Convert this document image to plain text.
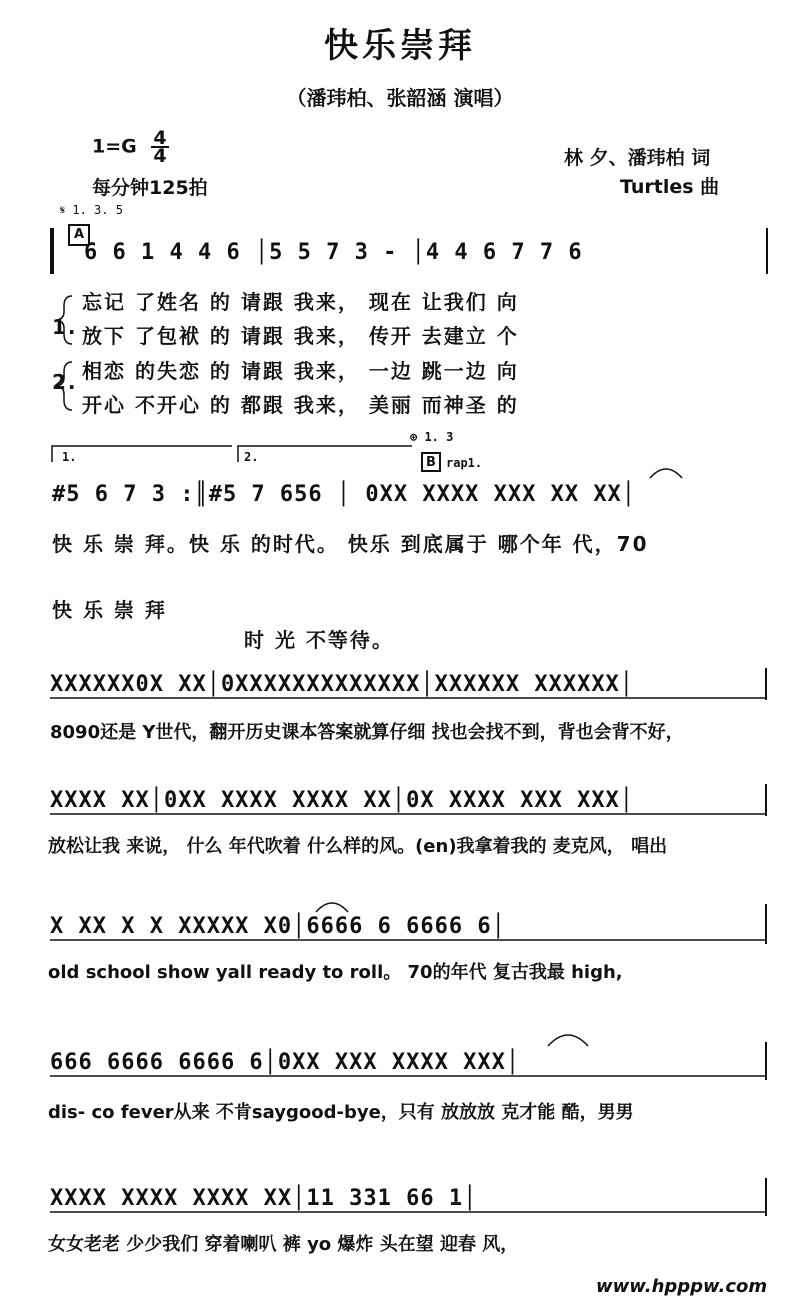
快乐崇拜
（潘玮柏、张韶涵 演唱）
$1=G \frac{4}{4}$
每分钟125拍
林 夕、潘玮柏 词
Turtles 曲
𝄋 1. 3. 5
A
B rap1.
⊕ 1. 3
1.	2.
1.
2.
6 6 1 4 4 6 │5 5 7 3 - │4 4 6 7 7 6
忘记 了姓名 的 请跟 我来， 现在 让我们 向
放下 了包袱 的 请跟 我来， 传开 去建立 个
相恋 的失恋 的 请跟 我来， 一边 跳一边 向
开心 不开心 的 都跟 我来， 美丽 而神圣 的
#5 6 7 3 :║#5 7 656 │ 0XX XXXX XXX XX XX│
快 乐 崇 拜。快 乐 的时代。 快乐 到底属于 哪个年 代，70
快 乐 崇 拜
时 光 不等待。
XXXXXX0X XX│0XXXXXXXXXXXXX│XXXXXX XXXXXX│
8090还是 Y世代，翻开历史课本答案就算仔细 找也会找不到，背也会背不好，
XXXX XX│0XX XXXX XXXX XX│0X XXXX XXX XXX│
放松让我 来说， 什么 年代吹着 什么样的风。(en)我拿着我的 麦克风， 唱出
X XX X X XXXXX X0│6666 6 6666 6│
old school show yall ready to roll。 70的年代 复古我最 high,
666 6666 6666 6│0XX XXX XXXX XXX│
dis- co fever从来 不肯saygood-bye，只有 放放放 克才能 酷，男男
XXXX XXXX XXXX XX│11 331 66 1│
女女老老 少少我们 穿着喇叭 裤 yo 爆炸 头在望 迎春 风，
www.hpppw.com
